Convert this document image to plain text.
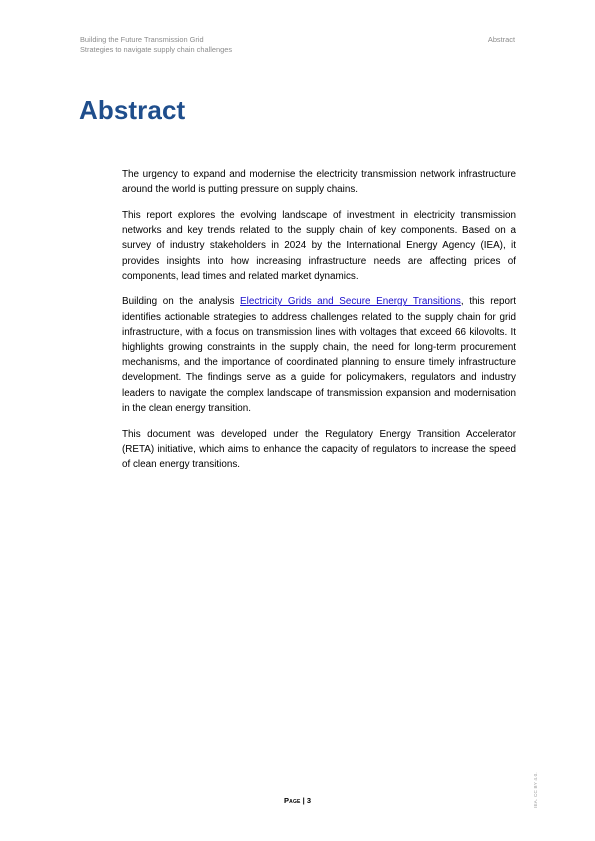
Building the Future Transmission Grid
Strategies to navigate supply chain challenges
Abstract
Abstract

The urgency to expand and modernise the electricity transmission network infrastructure around the world is putting pressure on supply chains.

This report explores the evolving landscape of investment in electricity transmission networks and key trends related to the supply chain of key components. Based on a survey of industry stakeholders in 2024 by the International Energy Agency (IEA), it provides insights into how increasing infrastructure needs are affecting prices of components, lead times and related market dynamics.

Building on the analysis Electricity Grids and Secure Energy Transitions, this report identifies actionable strategies to address challenges related to the supply chain for grid infrastructure, with a focus on transmission lines with voltages that exceed 66 kilovolts. It highlights growing constraints in the supply chain, the need for long-term procurement mechanisms, and the importance of coordinated planning to ensure timely infrastructure development. The findings serve as a guide for policymakers, regulators and industry leaders to navigate the complex landscape of transmission expansion and modernisation in the clean energy transition.

This document was developed under the Regulatory Energy Transition Accelerator (RETA) initiative, which aims to enhance the capacity of regulators to increase the speed of clean energy transitions.

Page | 3	IEA. CC BY 4.0.
